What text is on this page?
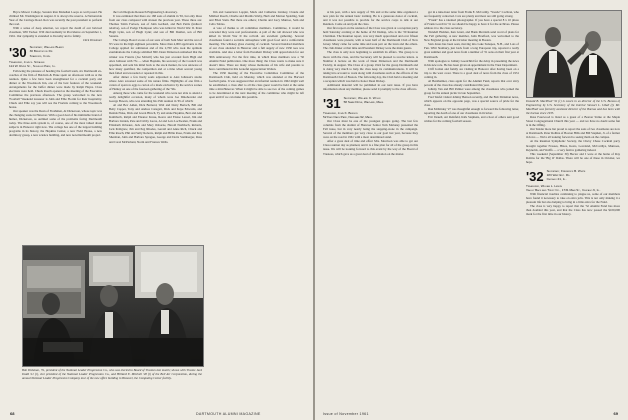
Bryce Mawer College, Session Ron Manahan Loops as well posed. He climbed Mt. Washington in August. It is always the reserve. A Nationwide Year of the Carriage Road. Ron was recently the past president to perform the road.

With a sense of deep emotion, we report the death of our beloved classmate, Will Tucker. Will died suddenly in Providence on September 1, 1961. Our sympathy is extended to Dorothy and to family.

Dick Dinsmore

'30 Secretary, Wallace Blakey
30 Brentwood Dr.
Stamford, Conn.
Treasurer, John L. Sprague
114 W. River St., Schiller Park, Ill.

Following the pleasure of heading the football team, six Dartmouth ex-coaches of the firm of Baldwin & Fiske spent an afternoon with us at the reunion. Quite a few have been strengthened for a cocktail party and dinner at the Woodstock Inn, one of the best features of the weekend. Arrangements for the buffet dinner were made by Ralph Hayes. Class elections were held. Chuck Roach opened as the meeting of the Executive Committee the previous afternoon. The group welcomed to the new 'Football' Weekend treasurer is John and Ellie Fiorini for their hospitality. Chuck and Ellie say you will see the Fiorinis coming to the Woodstock house.

Our speaker was the Dean of Freshmen, Al Dickerson, whose topic was the changing scene in Hanover. With a good deal of his inimitable brand of humor, Dickerson, as outlined some of the problems facing Dartmouth today. The three-term system is, of course, one of the most talked about subjects in Hanover right now. The college has one of the largest building programs in its history, the Hopkins Center, a new Field House, a new dormitory group, a new science building, and new non-Dartmouth project.

the Cold Regions Research Engineering Laboratory.

It was estimated that there are 168 sons of alumni in '65, but only three from our class compared with sixteen the previous year. These three are: Thomas Tobin Fortson, son of John Gerhard, and Bob Pettis (indirect relative), son of Podge Thompson who was killed in World War II. Peter Hugh Lynn, son of Hugh Lynn; and son of Bill Dunbar, son of Bill Stearns.

The College Board scores of our sons of both Sam Marr and the rest of '65 were in the high eighteen percentile. More than 4,000 applicants to the College applied for admission and of the 2,700 who took the aptitude examinations the College admitted 860. Dean Dickerson remarked that the winner was Francis (Joe McGill) who has just acceded from High and Alex Johnson with 73s — when Hopkins, his secretary of the Council was appointed, and sent his mind back to the stock market, he was unaware of how many qualified, the competition and at a time when several young men failed and exceeded or repeated in this.

After dinner a few hardy souls adjourned to Alex Johnson's studio where Alex screened some of his nature films. Highlights of one film a carton of sparrow eggs to carton of a made exclusive by the service scenes of Henley on one of the fourteen gathering of the '50s.

Among those who came for the weekend who were not able to attend a really delightful occasion, many of whom were Joe Dmohowski and George Bowen, who was attending his 25th reunion in '65 of which:

Al and Bev Alden, Dick Bernard, Walt and Dotty Bertsch, Bill and Betty Capper, Tony and Andrea Carugati, Dick and Kaye Edwards, and Dennis Fiske, Dick and Gwen Hirsch, Ty and Anne Hopkins, Bert and Ann Kalmbach, Ralph and Eleanor Kruse, Reeve and Eloise Lassal, Jim and Barbara Linden, Pete and Libby Lucas, Al and Lois Lochwalen, Frank and Elizabeth Orbeaux, Jack and Mary Osborne, Harold Nashbach, Roberts, Jack Pettigrew, Jim and Peg Rhodes, Gerald and Anne Rich, Chuck and Ellie Roach, Phil and Sally Roberts, Ralph and Billie Rose, Frank and Kay Sherman, John and Barbara Sprague, George and Doris Steinberger, Russ and Carol McParland, Norm and Frances Wells.

Jim and Genevieve Lappin, Mack and Catherine Lindsey, Claude and Mildred Roach, Charlie and Martha Silsby, Herb and Marion Spalding, Sam and Ellen Stein. But there are others; Charlie and Lucy Munroe, Sam and Celia Tobias.

A vote of thanks to all committee members. Committee, it would be conceded they were real professionals. A poll of the roll showed who was killed in World War II the rollcall. An excellent gathering. Several classmates found a sociable atmosphere with good food and a comfortable meeting. The whiskey glass evening of cocktail. Several hundred members of our class attended in Hanover and a full supply of new 1930 tees was available. And also a letter from President Dickey with appreciation for our 30th anniversary. For the first time, in which three members was a '30 Alumni Fund publication. One more thing: the Class wants to make sure it doesn't miss. There are many whose memories of his wife and parents to have contributed in this Grateful Appreciation Walton.

The 1930 meeting of the Executive Committee Committee of the Dartmouth Club, held on Monday, which was attended at the Harvard football game. It was suggested that an informal reunion in 1962 might well be established, a class shirt to all the class guest would be held at the same time a mid-Hanover. When it might be able to see two of the coming games to be determined at the next meeting of the committee who might be left open until if we can make this possible.

Bob Dickman, '31, president of the National Leader Progression Co., who was elected to Board of Trustees last month; shown with Trustee Jack Dodd '21 (r), vice president of the National Leader Progression Co., and Hilliard E. Mitchell '28 (l) of the Bell Air Corporation, during the annual National Leader Progression Company tour of the new office building in Hanover, the Computing Center facility.
68	DARTMOUTH ALUMNI MAGAZINE

at his post, with a new supply of '30s and at the same time organized a new plan for the annual basic training. He is a generous donor of cocktail, and it was not possible to provide for the service corps to talk at our Reunion. Come on and join the class.

Our first report on the reunion of the Class was given at a reception party held Saturday evening at the home of Ed Dunlap, who is the '30 Reunion Chairman. The Reunion report, was very much appreciated and over fifteen classmates were present, with at least half of the Dartmouth Club of New Jersey. Many came for some time and took part on the lawn and the others. The club dinner at that time and President Dickey were the main guests.

The class is only now beginning to establish its affairs. The group is to move with the class, and the Secretary will be pleased to receive letters. A Number 4 lecture on the work of Dean Dickerson and the Dartmouth Faculty, in August. The Class of a group 1924 for the group Dartmouth and is doing very much to help the class keep its communications. It will be taking into account to work along with classmates such as the officers of the Dartmouth Club of Boston. The following day, the Club held a meeting and a reception which was held to honor Dean Dickey.

Additional material will be published in our next issue. If you have information about any member, please send it promptly to the class officers.

'31 Secretary, Willard C. Wolff
58 Shaw Drive, Wayland, Mass.
Treasurer, John K. Benson
52 Fair Oaks Park, Needham 92, Mass.

Our Class must be one of the youngest groups going. The last few columns from the alumni of Hanover Senior Tom Maloney presented the Fall issue, but in very nearly being the stepping-stone in the campaign. Several of the members got very close to our goal last year, because they were on the road in 1961 with a most determined stand.

After a great deal of time and effort Mrs. Morrison was able to get our Class reunion day as planned, and it is a fine plan for all of the group in this issue. We will be looking forward to this event by the way of the Board of Trustees, which gave us a great deal of information on the matter.

got in a nine-hour letter from Frank E. McCarthy, "Swede" Cochran, who are frequently contacted. Cars are plenty and most are still going strong.

"Frank" has a talented photographer. If you have a special 8 x 10 photo of Frank Lovell in '31 we should be happy to have it for the archives. Please address it to the class secretary.

Wendell Hadden, Ken Grant, and Hank Merriam send word of plans for the Fall gathering. A new member, John Bradford, was welcomed to the New England group at the October meeting in Boston.

Stan Jones has been seen, moving into Lake Sunapee, N.H., and Lots of Fun. Whit Stanbury, just back from a long European trip, reported a really great summer and good news from a number of '31 sons on their first year at Dartmouth.

With apologies to Johnny Goodchild for the delay in presenting the news in his new role. He has been given an appointment in the Trust Department.

Cliff Jordan and family are visiting in Hanover after having been on a trip to the west coast. There is a good deal of news from the class of 1931 coming in.

Al Bernheimer, class agent for the Alumni Fund, reports that over sixty percent of the class has already contributed this year.

Johnny Van and Bill Palmer were among the classmates who joined the group for the annual picnic in late September.

Fred Teufel visited Johnny Benson recently, and the Bob Dickman news, which appears on the opposite page, was a special source of pride for the class.

Dan McKinley '27 was thoughtful enough to forward the following letter, reporting the death of one of our classmates in October.

Eric Deuell, Art Reinfeld, Kirk Stephens, and a host of others sent good wishes for the coming football season.

Donald B. MacPhail '32 (r) is sworn in as director of the U.S. Bureau of Engineering by U.S. Secretary of the Interior Stewart L. Udall (l). Mr. MacPhail was formerly assistant director of the Bureau and has been with the bureau since 1935.

Russ Fourwood is listed as a guest of a Beaver Strike at the Maple Street Congregational Church this year — and we have no doubt some fun is in the Offing.

Our Tender more but proud to report the sons of two classmates are now at Dartmouth. Peter Rollins of Boston Hills and Bill Stephen, Jr. of a farmer in Iowa — We're all looking forward to seeing them on the campus.

At the Reunion Symphonic Society, the Chevy Chase Cocktail party brought together Frasses, Hixes, Kosts, Loveland, McCarthys, Munroes, Reynolds, and Wolffs — a very festive gathering indeed.

This weekend (September 30) Hector and I were at the home of Ray Robins for the 'Big O' Dallas. There will be one of these in October, we hope.

'32 Secretary, Frederick B. White
183 Wait Ext. Rd.
Chicago 21, Ill.
Treasurer, William L. Lemon
Valley Back and Trust Co., 1731 Main St., Chicago 6, Ill.

With financial troubles continuing to plague us, some of our members have found it necessary to take on extra jobs. This is not only making it a pleasant life but also helping to bring in a little extra for the Fund.

The class is very happy to report that the '32 Alumni Fund has more than doubled this year, and that the Class has now passed the $100,000 mark for the first time in our history.

Issue of November 1961	69
